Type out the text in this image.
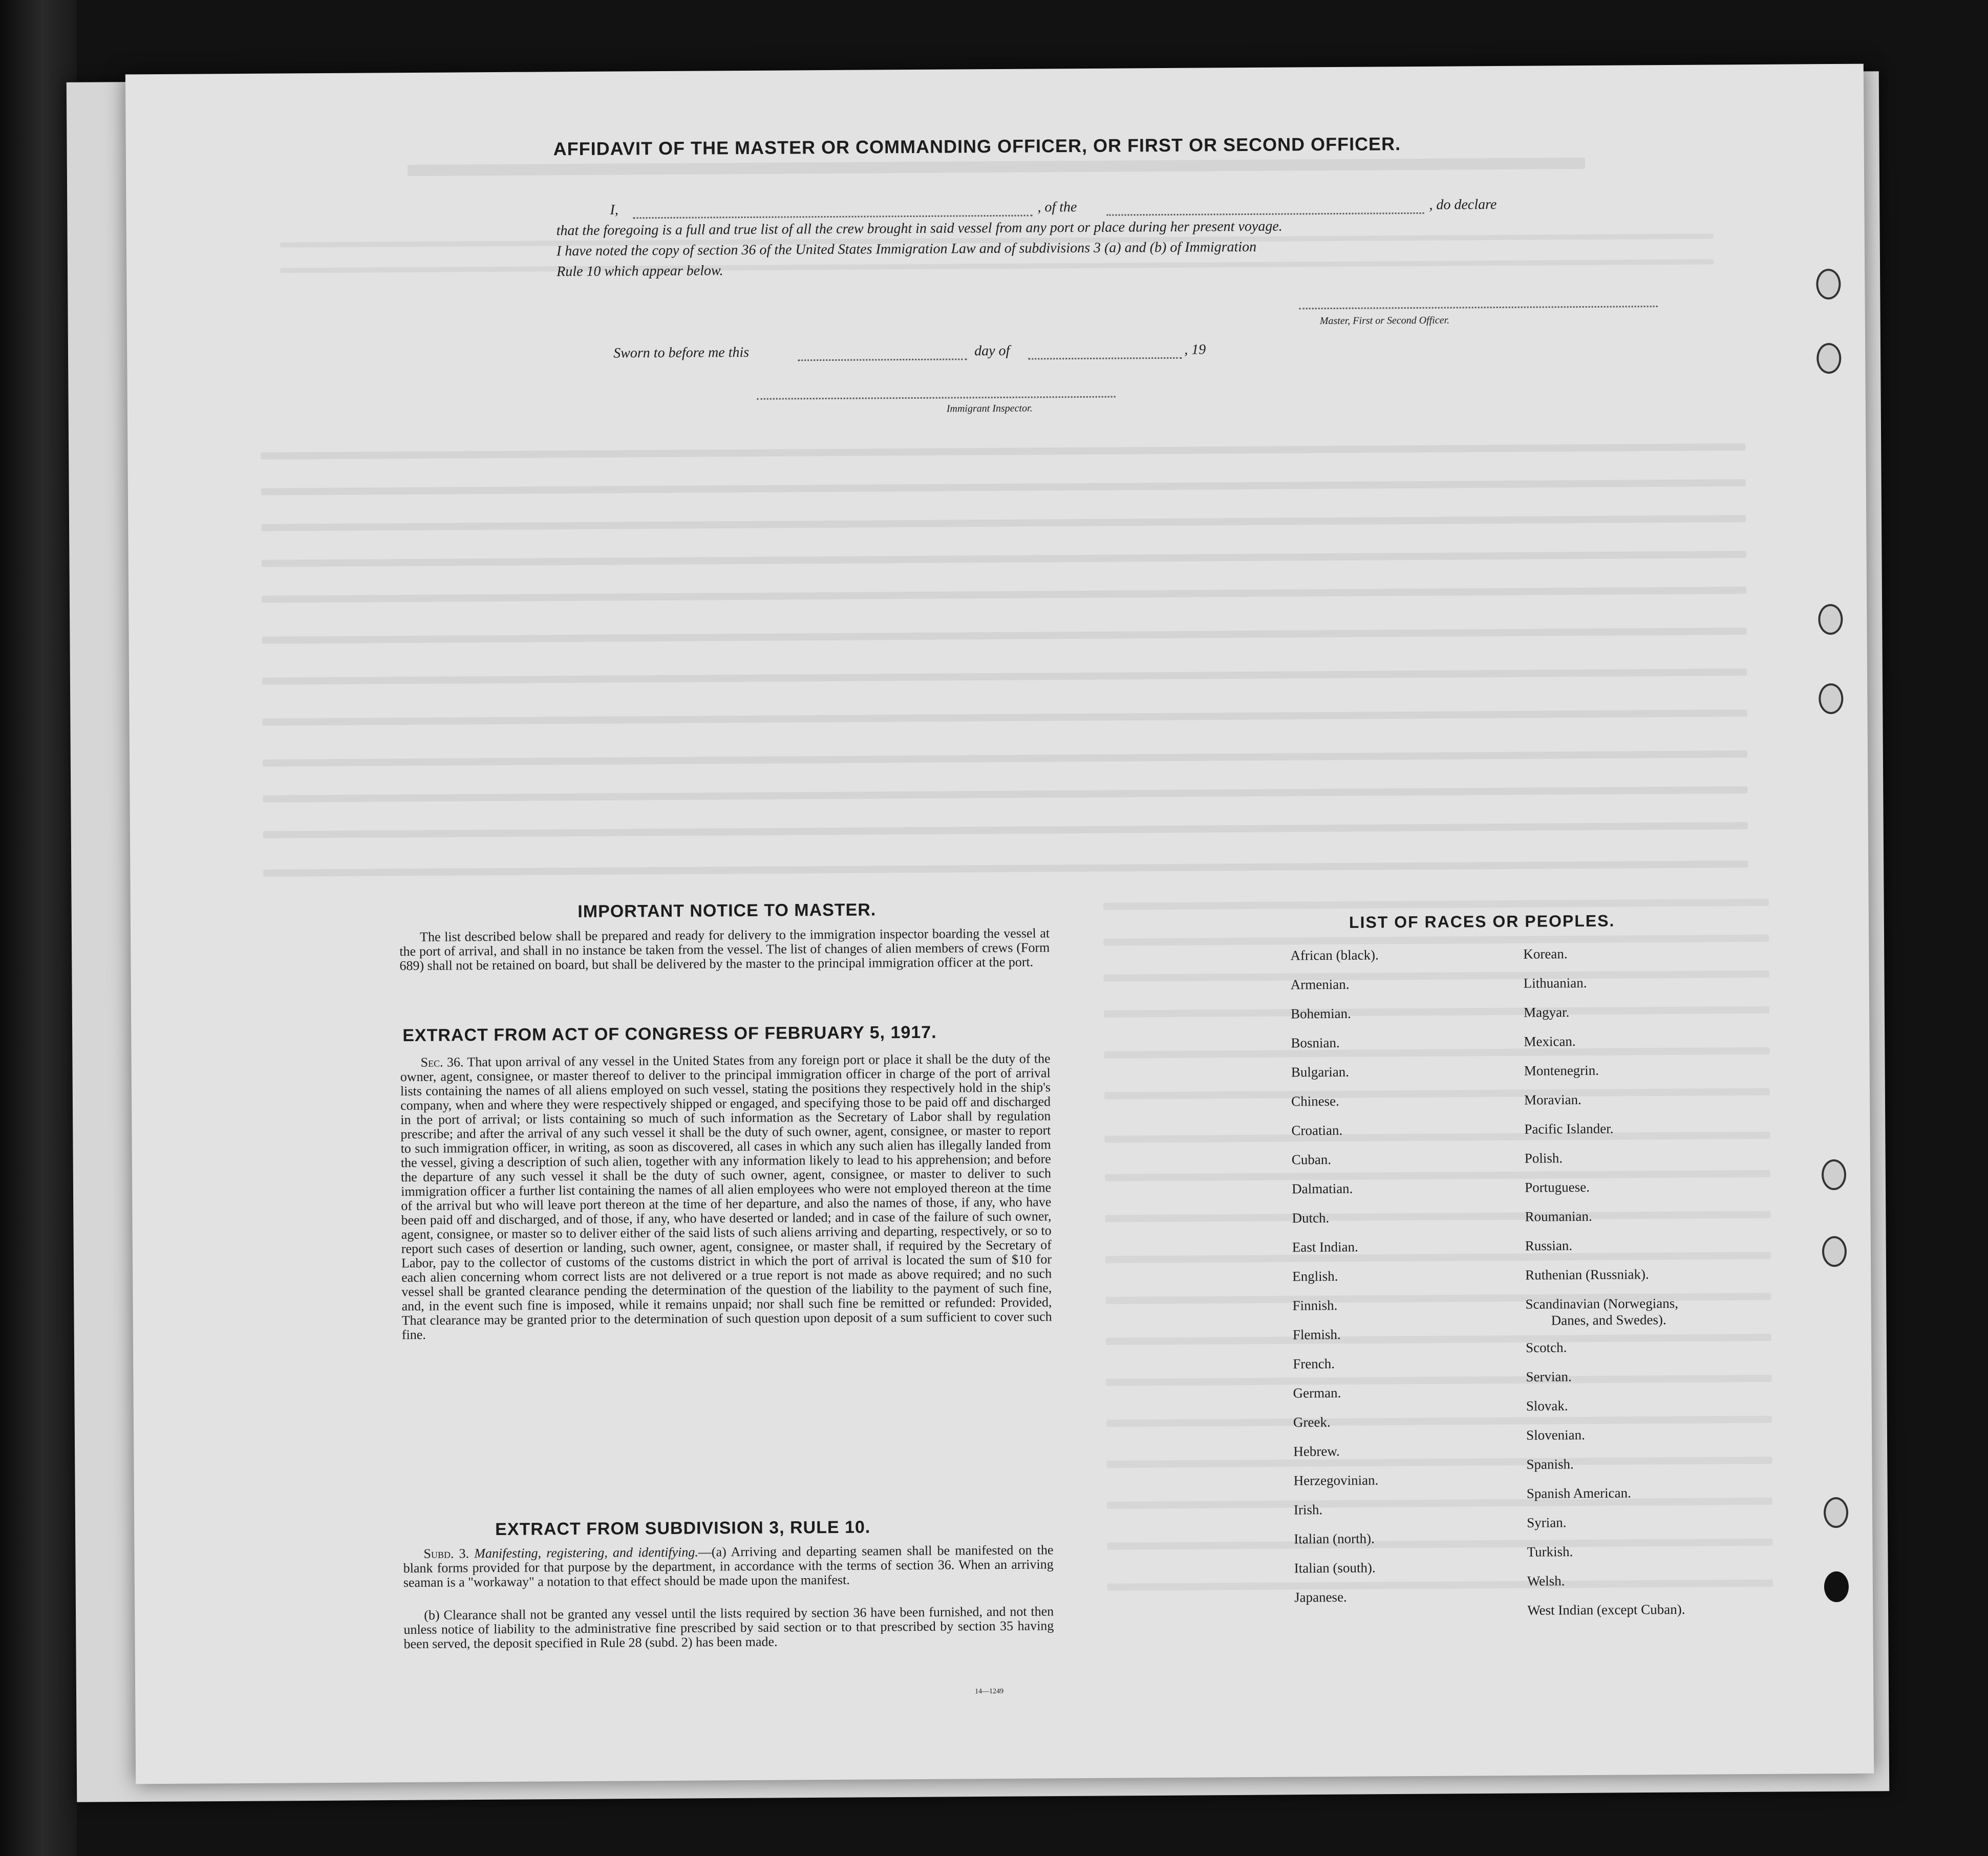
AFFIDAVIT OF THE MASTER OR COMMANDING OFFICER, OR FIRST OR SECOND OFFICER.
I,	, of the	, do declare
that the foregoing is a full and true list of all the crew brought in said vessel from any port or place during her present voyage.
I have noted the copy of section 36 of the United States Immigration Law and of subdivisions 3 (a) and (b) of Immigration
Rule 10 which appear below.
Master, First or Second Officer.
Sworn to before me this	day of	, 19
Immigrant Inspector.
IMPORTANT NOTICE TO MASTER.
The list described below shall be prepared and ready for delivery to the immigration inspector boarding the vessel at the port of arrival, and shall in no instance be taken from the vessel. The list of changes of alien members of crews (Form 689) shall not be retained on board, but shall be delivered by the master to the principal immigration officer at the port.
EXTRACT FROM ACT OF CONGRESS OF FEBRUARY 5, 1917.
Sec. 36. That upon arrival of any vessel in the United States from any foreign port or place it shall be the duty of the owner, agent, consignee, or master thereof to deliver to the principal immigration officer in charge of the port of arrival lists containing the names of all aliens employed on such vessel, stating the positions they respectively hold in the ship's company, when and where they were respectively shipped or engaged, and specifying those to be paid off and discharged in the port of arrival; or lists containing so much of such information as the Secretary of Labor shall by regulation prescribe; and after the arrival of any such vessel it shall be the duty of such owner, agent, consignee, or master to report to such immigration officer, in writing, as soon as discovered, all cases in which any such alien has illegally landed from the vessel, giving a description of such alien, together with any information likely to lead to his apprehension; and before the departure of any such vessel it shall be the duty of such owner, agent, consignee, or master to deliver to such immigration officer a further list containing the names of all alien employees who were not employed thereon at the time of the arrival but who will leave port thereon at the time of her departure, and also the names of those, if any, who have been paid off and discharged, and of those, if any, who have deserted or landed; and in case of the failure of such owner, agent, consignee, or master so to deliver either of the said lists of such aliens arriving and departing, respectively, or so to report such cases of desertion or landing, such owner, agent, consignee, or master shall, if required by the Secretary of Labor, pay to the collector of customs of the customs district in which the port of arrival is located the sum of $10 for each alien concerning whom correct lists are not delivered or a true report is not made as above required; and no such vessel shall be granted clearance pending the determination of the question of the liability to the payment of such fine, and, in the event such fine is imposed, while it remains unpaid; nor shall such fine be remitted or refunded: Provided, That clearance may be granted prior to the determination of such question upon deposit of a sum sufficient to cover such fine.
EXTRACT FROM SUBDIVISION 3, RULE 10.
Subd. 3. Manifesting, registering, and identifying.—(a) Arriving and departing seamen shall be manifested on the blank forms provided for that purpose by the department, in accordance with the terms of section 36. When an arriving seaman is a "workaway" a notation to that effect should be made upon the manifest.
(b) Clearance shall not be granted any vessel until the lists required by section 36 have been furnished, and not then unless notice of liability to the administrative fine prescribed by said section or to that prescribed by section 35 having been served, the deposit specified in Rule 28 (subd. 2) has been made.
14—1249
LIST OF RACES OR PEOPLES.
African (black).
Armenian.
Bohemian.
Bosnian.
Bulgarian.
Chinese.
Croatian.
Cuban.
Dalmatian.
Dutch.
East Indian.
English.
Finnish.
Flemish.
French.
German.
Greek.
Hebrew.
Herzegovinian.
Irish.
Italian (north).
Italian (south).
Japanese.
Korean.
Lithuanian.
Magyar.
Mexican.
Montenegrin.
Moravian.
Pacific Islander.
Polish.
Portuguese.
Roumanian.
Russian.
Ruthenian (Russniak).
Scandinavian (Norwegians,
Danes, and Swedes).
Scotch.
Servian.
Slovak.
Slovenian.
Spanish.
Spanish American.
Syrian.
Turkish.
Welsh.
West Indian (except Cuban).
